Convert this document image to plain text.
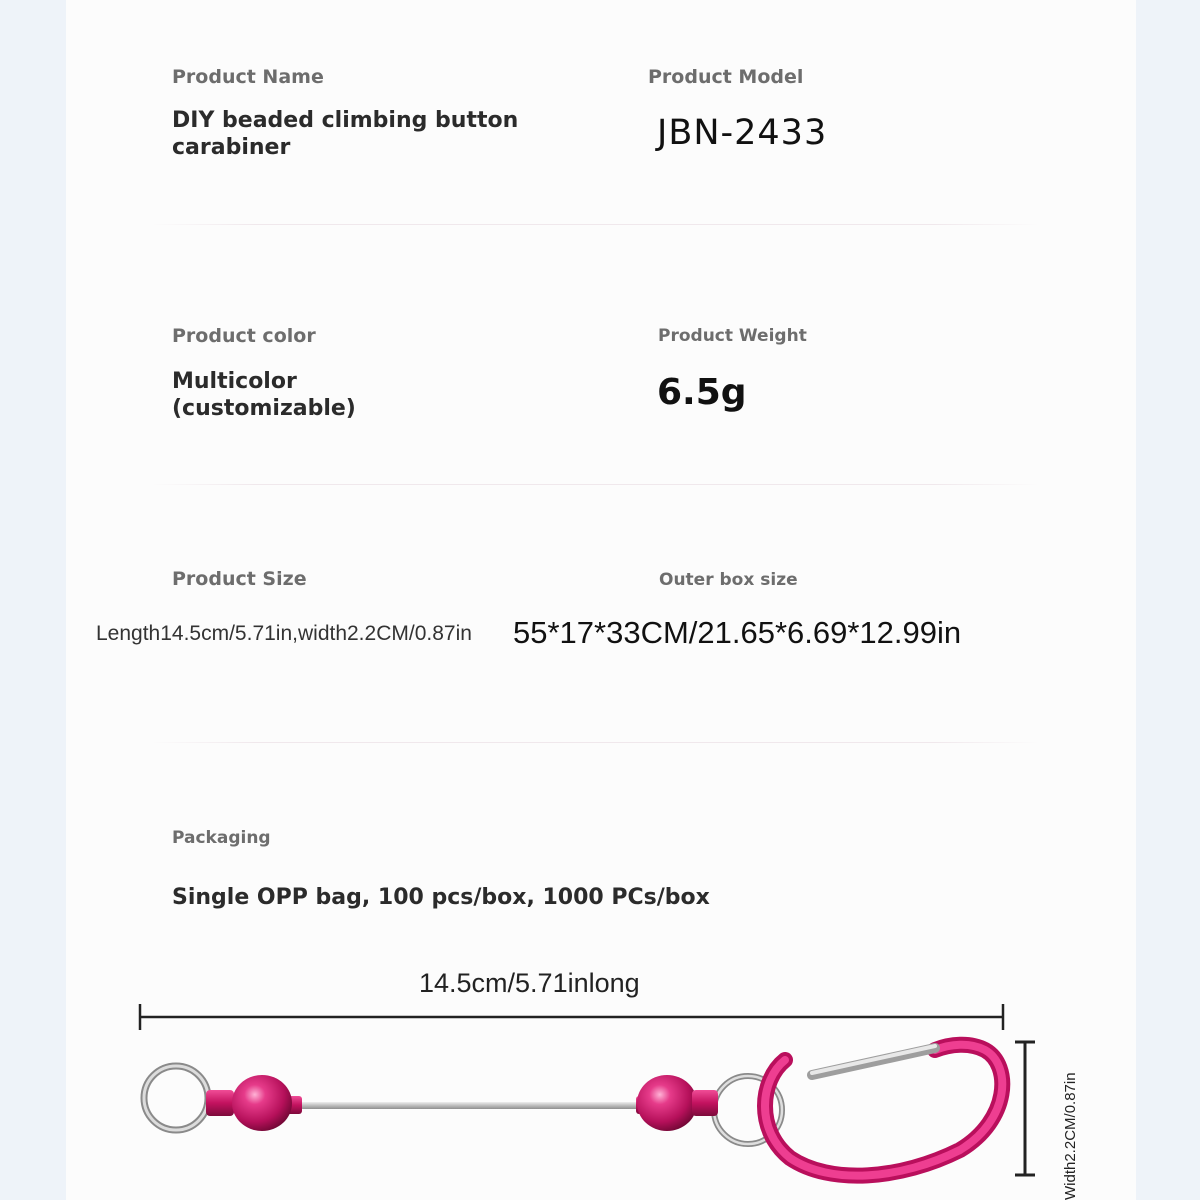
Product Name
DIY beaded climbing button carabiner
Product Model
JBN-2433
Product color
Multicolor
(customizable)
Product Weight
6.5g
Product Size	Outer box size
Length14.5cm/5.71in,width2.2CM/0.87in 55*17*33CM/21.65*6.69*12.99in
Packaging
Single OPP bag, 100 pcs/box, 1000 PCs/box
14.5cm/5.71inlong
Width2.2CM/0.87in
